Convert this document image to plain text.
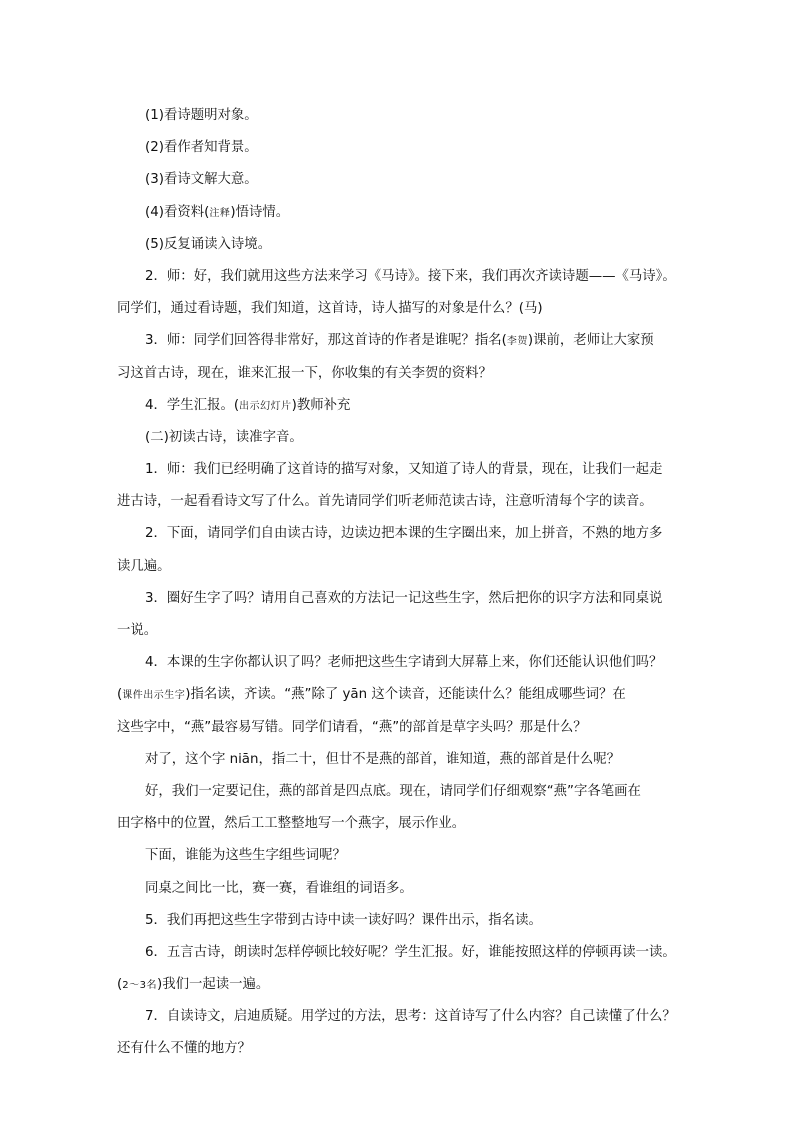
(1)看诗题明对象。
(2)看作者知背景。
(3)看诗文解大意。
(4)看资料(注释)悟诗情。
(5)反复诵读入诗境。
2．师：好，我们就用这些方法来学习《马诗》。接下来，我们再次齐读诗题——《马诗》。
同学们，通过看诗题，我们知道，这首诗，诗人描写的对象是什么？(马)
3．师：同学们回答得非常好，那这首诗的作者是谁呢？指名(李贺)课前，老师让大家预
习这首古诗，现在，谁来汇报一下，你收集的有关李贺的资料？
4．学生汇报。(出示幻灯片)教师补充
(二)初读古诗，读准字音。
1．师：我们已经明确了这首诗的描写对象，又知道了诗人的背景，现在，让我们一起走
进古诗，一起看看诗文写了什么。首先请同学们听老师范读古诗，注意听清每个字的读音。
2．下面，请同学们自由读古诗，边读边把本课的生字圈出来，加上拼音，不熟的地方多
读几遍。
3．圈好生字了吗？请用自己喜欢的方法记一记这些生字，然后把你的识字方法和同桌说
一说。
4．本课的生字你都认识了吗？老师把这些生字请到大屏幕上来，你们还能认识他们吗？
(课件出示生字)指名读，齐读。“燕”除了 yān 这个读音，还能读什么？能组成哪些词？在
这些字中，“燕”最容易写错。同学们请看，“燕”的部首是草字头吗？那是什么？
对了，这个字 niān，指二十，但廿不是燕的部首，谁知道，燕的部首是什么呢？
好，我们一定要记住，燕的部首是四点底。现在，请同学们仔细观察“燕”字各笔画在
田字格中的位置，然后工工整整地写一个燕字，展示作业。
下面，谁能为这些生字组些词呢？
同桌之间比一比，赛一赛，看谁组的词语多。
5．我们再把这些生字带到古诗中读一读好吗？课件出示，指名读。
6．五言古诗，朗读时怎样停顿比较好呢？学生汇报。好，谁能按照这样的停顿再读一读。
(2～3名)我们一起读一遍。
7．自读诗文，启迪质疑。用学过的方法，思考：这首诗写了什么内容？自己读懂了什么？
还有什么不懂的地方？
